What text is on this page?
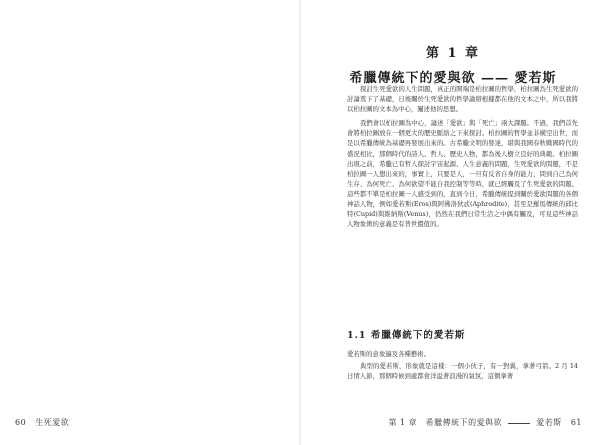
60 生死愛欲
第 1 章
希臘傳統下的愛與欲 —— 愛若斯

探討生死愛欲的人生問題，真正的開端是柏拉圖的哲學，柏拉圖為生死愛欲的討論奠下了基礎，日後關於生死愛欲的哲學論辯根據都在他的文本之中，所以我將以柏拉圖的文本為中心，闡述他的思想。

我們會以柏拉圖為中心，論述「愛欲」與「死亡」兩大課題。不過，我們首先會將柏拉圖放在一個更大的歷史脈絡之下來探討。柏拉圖的哲學並非橫空出世，而是以希臘傳統為基礎再發展出來的。古希臘文明的發達，堪與我國春秋戰國時代的盛況相比，那個時代的詩人、哲人、歷史人物，都為後人樹立良好的典範。柏拉圖出現之前，希臘已有哲人探討宇宙起源、人生意義的問題，生死愛欲的問題，不是柏拉圖一人想出來的，事實上，只要是人，一旦有反省自身的能力，問到自己為何生存、為何死亡、為何欲望不能自我控制等等時，就已經觸及了生死愛欲的問題。這些都不單是柏拉圖一人感受到的，直到今日，希臘傳統提到關於愛欲問題的各個神話人物，例如愛若斯(Eros)與阿佛洛狄忒(Aphrodite)，甚至是羅馬傳統的邱比特(Cupid)與維納斯(Venus)，仍然在我們日常生活之中偶有觸及，可見這些神話人物象徵的意義是有普世價值的。

1.1 希臘傳統下的愛若斯

愛若斯的意象遍及各種藝術。

典型的愛若斯，形象就是這樣：一個小伙子，有一對翼，拿著弓箭。2 月 14 日情人節，那個時候到處都會洋溢著浪漫的氣氛，這個拿著

第 1 章　希臘傳統下的愛與欲	愛若斯 61
